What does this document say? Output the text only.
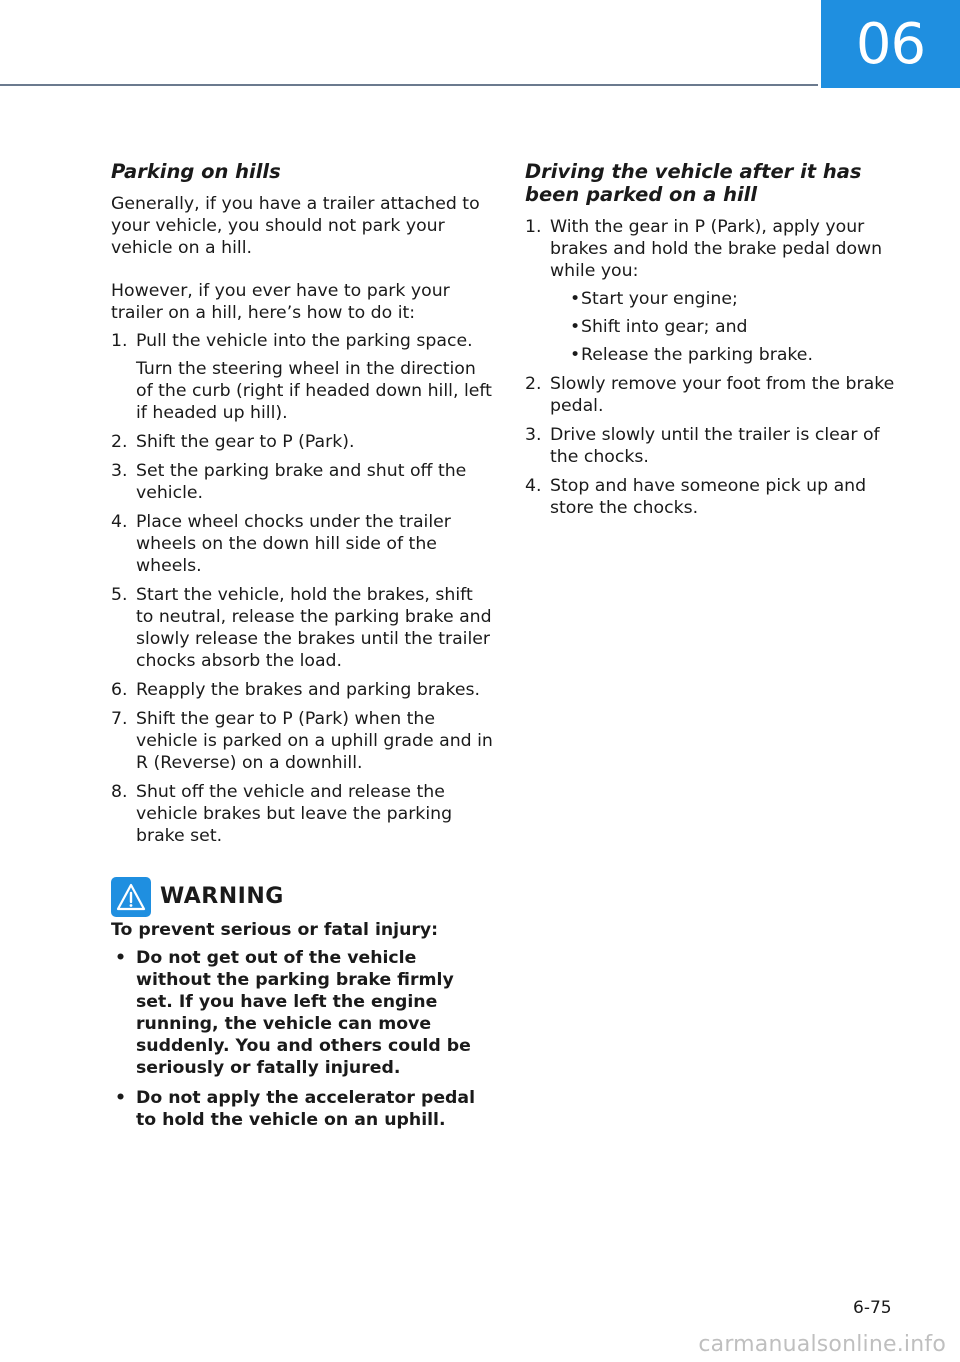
06
Parking on hills

Generally, if you have a trailer attached to your vehicle, you should not park your vehicle on a hill.

However, if you ever have to park your trailer on a hill, here’s how to do it:

1. Pull the vehicle into the parking space.
Turn the steering wheel in the direction of the curb (right if headed down hill, left if headed up hill).
2. Shift the gear to P (Park).
3. Set the parking brake and shut off the vehicle.
4. Place wheel chocks under the trailer wheels on the down hill side of the wheels.
5. Start the vehicle, hold the brakes, shift to neutral, release the parking brake and slowly release the brakes until the trailer chocks absorb the load.
6. Reapply the brakes and parking brakes.
7. Shift the gear to P (Park) when the vehicle is parked on a uphill grade and in R (Reverse) on a downhill.
8. Shut off the vehicle and release the vehicle brakes but leave the parking brake set.
WARNING

To prevent serious or fatal injury:

• Do not get out of the vehicle without the parking brake firmly set. If you have left the engine running, the vehicle can move suddenly. You and others could be seriously or fatally injured.
• Do not apply the accelerator pedal to hold the vehicle on an uphill.
Driving the vehicle after it has been parked on a hill
1. With the gear in P (Park), apply your brakes and hold the brake pedal down while you:
• Start your engine;
• Shift into gear; and
• Release the parking brake.
2. Slowly remove your foot from the brake pedal.
3. Drive slowly until the trailer is clear of the chocks.
4. Stop and have someone pick up and store the chocks.
6-75
carmanualsonline.info
